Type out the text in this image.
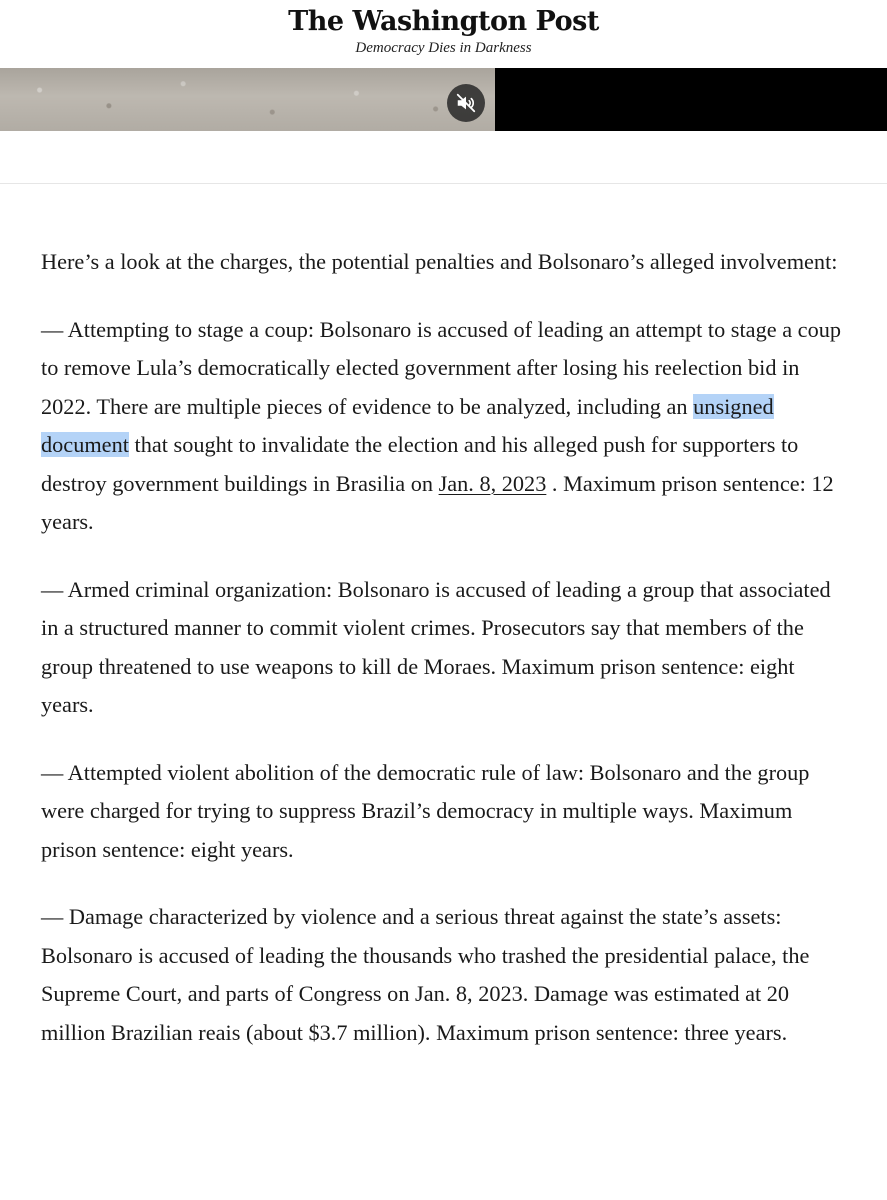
The Washington Post
Democracy Dies in Darkness

Here’s a look at the charges, the potential penalties and Bolsonaro’s alleged involvement:

— Attempting to stage a coup: Bolsonaro is accused of leading an attempt to stage a coup to remove Lula’s democratically elected government after losing his reelection bid in 2022. There are multiple pieces of evidence to be analyzed, including an unsigned document that sought to invalidate the election and his alleged push for supporters to destroy government buildings in Brasilia on Jan. 8, 2023 . Maximum prison sentence: 12 years.

— Armed criminal organization: Bolsonaro is accused of leading a group that associated in a structured manner to commit violent crimes. Prosecutors say that members of the group threatened to use weapons to kill de Moraes. Maximum prison sentence: eight years.

— Attempted violent abolition of the democratic rule of law: Bolsonaro and the group were charged for trying to suppress Brazil’s democracy in multiple ways. Maximum prison sentence: eight years.

— Damage characterized by violence and a serious threat against the state’s assets: Bolsonaro is accused of leading the thousands who trashed the presidential palace, the Supreme Court, and parts of Congress on Jan. 8, 2023. Damage was estimated at 20 million Brazilian reais (about $3.7 million). Maximum prison sentence: three years.
